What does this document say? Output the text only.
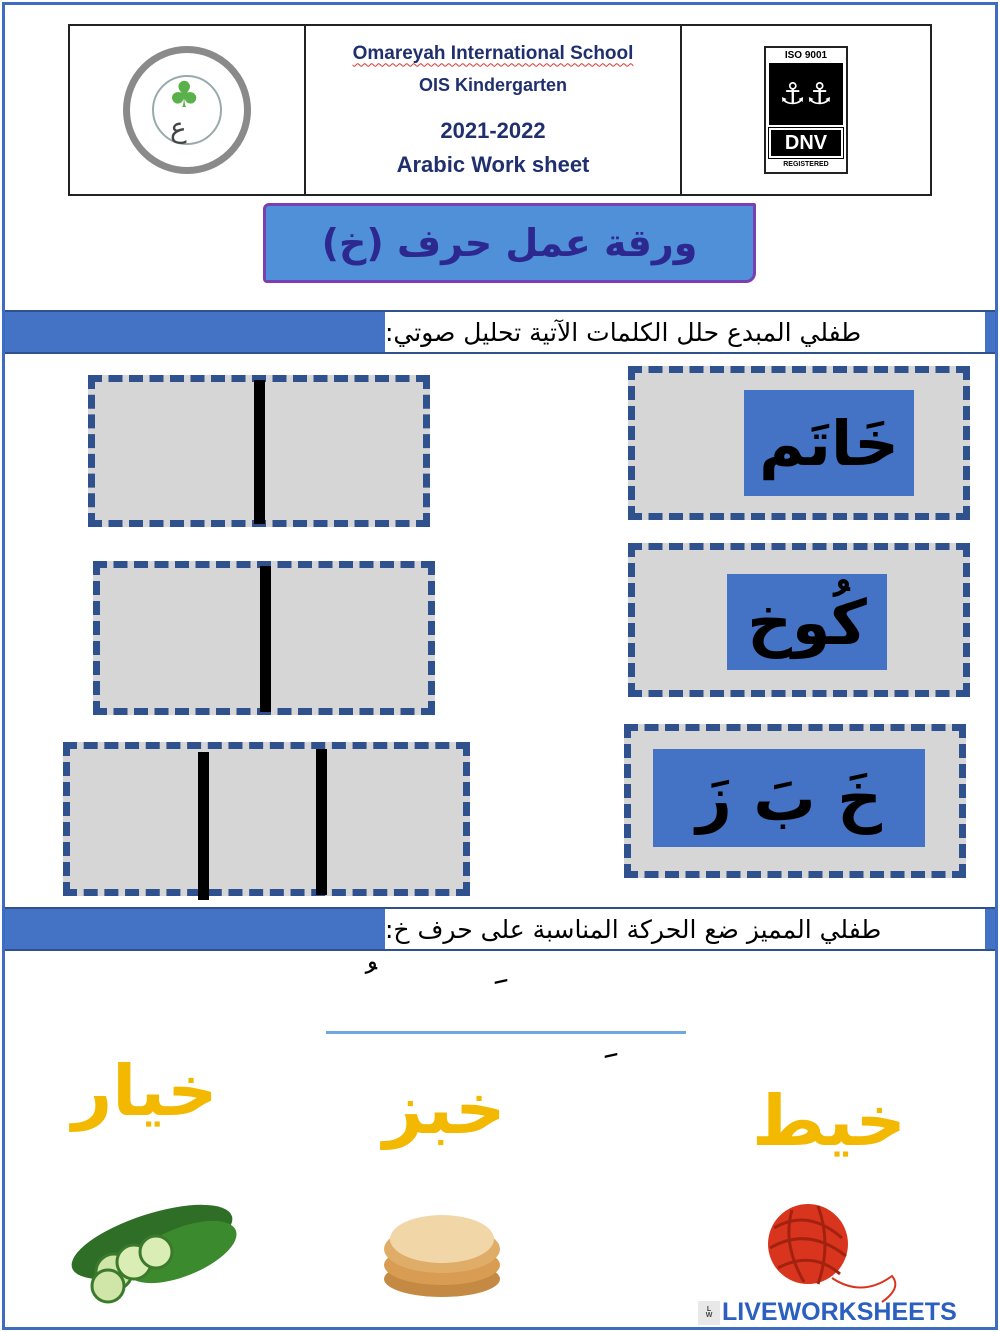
♣
ع
Omareyah International School
OIS Kindergarten
2021-2022
Arabic Work sheet
ISO 9001
⚓⚓
DNV
REGISTERED
ورقة عمل حرف (خ)
طفلي المبدع حلل الكلمات الآتية تحليل صوتي:
خَاتَم
كُوخ
خَ بَ زَ
طفلي المميز ضع الحركة المناسبة على حرف خ:
خيار خبز	خيط
L
W LIVEWORKSHEETS
